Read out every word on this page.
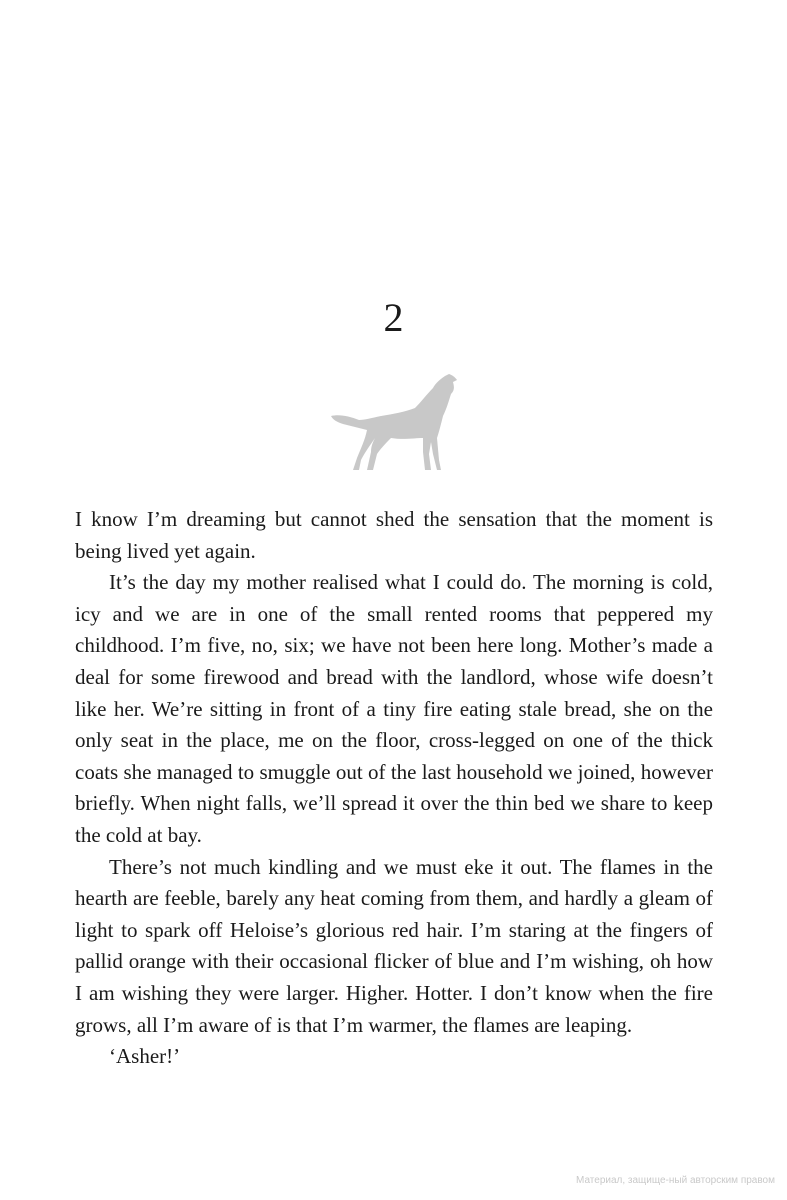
2

I know I’m dreaming but cannot shed the sensation that the moment is being lived yet again.

It’s the day my mother realised what I could do. The morning is cold, icy and we are in one of the small rented rooms that peppered my childhood. I’m five, no, six; we have not been here long. Mother’s made a deal for some firewood and bread with the landlord, whose wife doesn’t like her. We’re sitting in front of a tiny fire eating stale bread, she on the only seat in the place, me on the floor, cross-legged on one of the thick coats she managed to smuggle out of the last household we joined, however briefly. When night falls, we’ll spread it over the thin bed we share to keep the cold at bay.

There’s not much kindling and we must eke it out. The flames in the hearth are feeble, barely any heat coming from them, and hardly a gleam of light to spark off Heloise’s glorious red hair. I’m staring at the fingers of pallid orange with their occasional flicker of blue and I’m wishing, oh how I am wishing they were larger. Higher. Hotter. I don’t know when the fire grows, all I’m aware of is that I’m warmer, the flames are leaping.

‘Asher!’

Материал, защище-ный авторским правом
